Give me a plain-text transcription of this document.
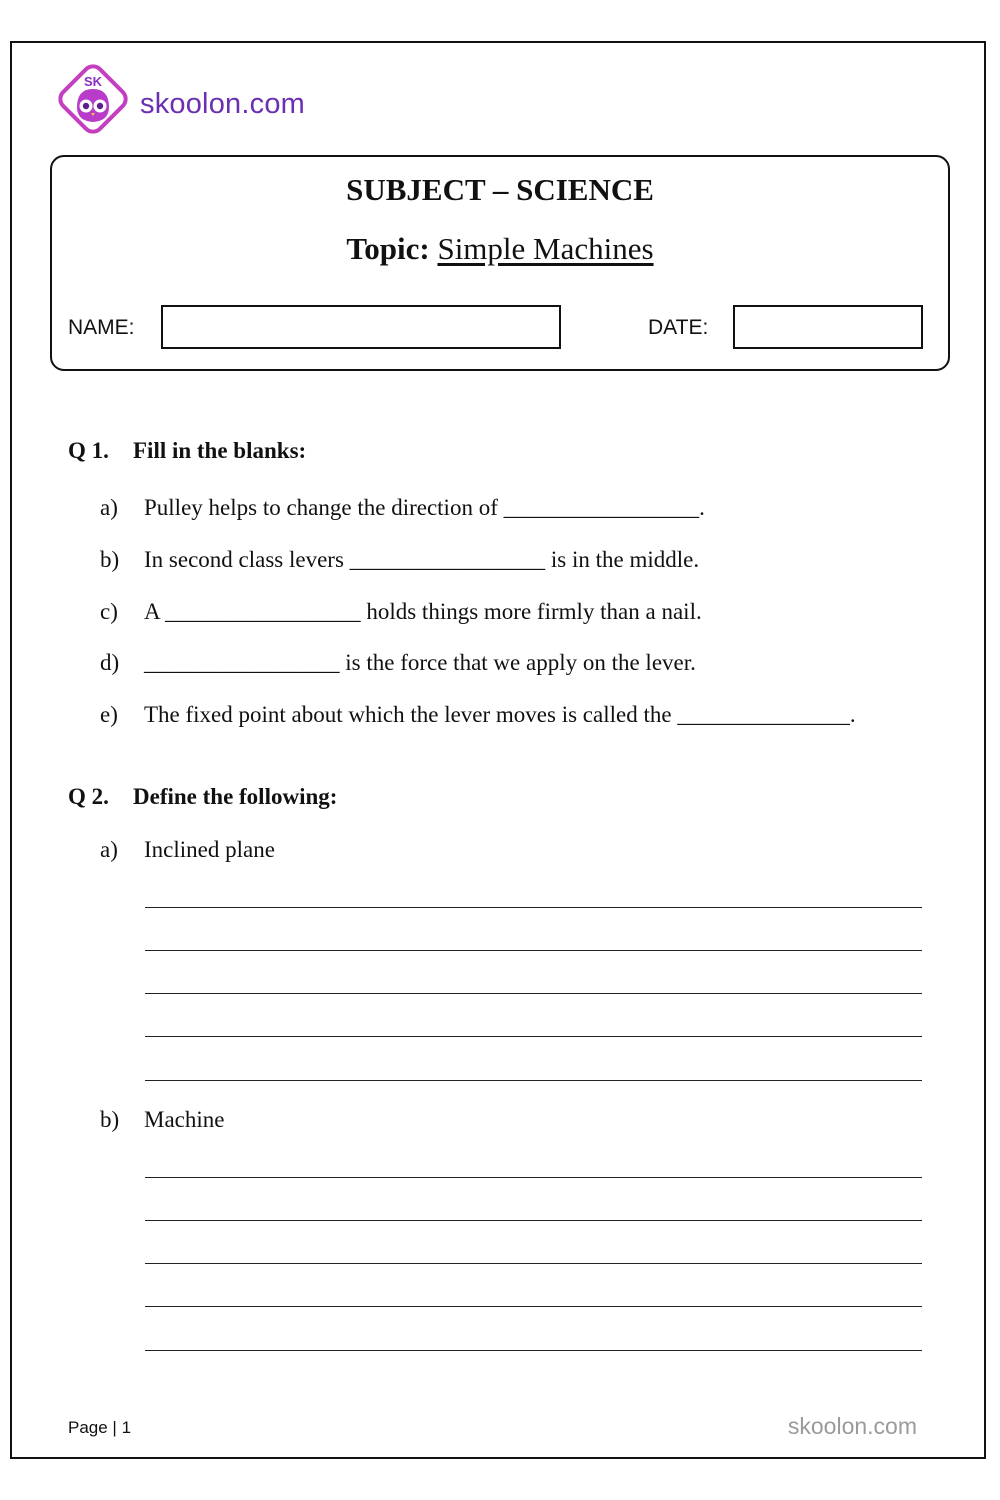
SK
skoolon.com
SUBJECT – SCIENCE
Topic: Simple Machines
NAME:	DATE:
Q 1. Fill in the blanks:
a) Pulley helps to change the direction of _________________.
b) In second class levers _________________ is in the middle.
c) A _________________ holds things more firmly than a nail.
d) _________________ is the force that we apply on the lever.
e) The fixed point about which the lever moves is called the _______________.
Q 2. Define the following:
a) Inclined plane
b) Machine
Page | 1	skoolon.com
